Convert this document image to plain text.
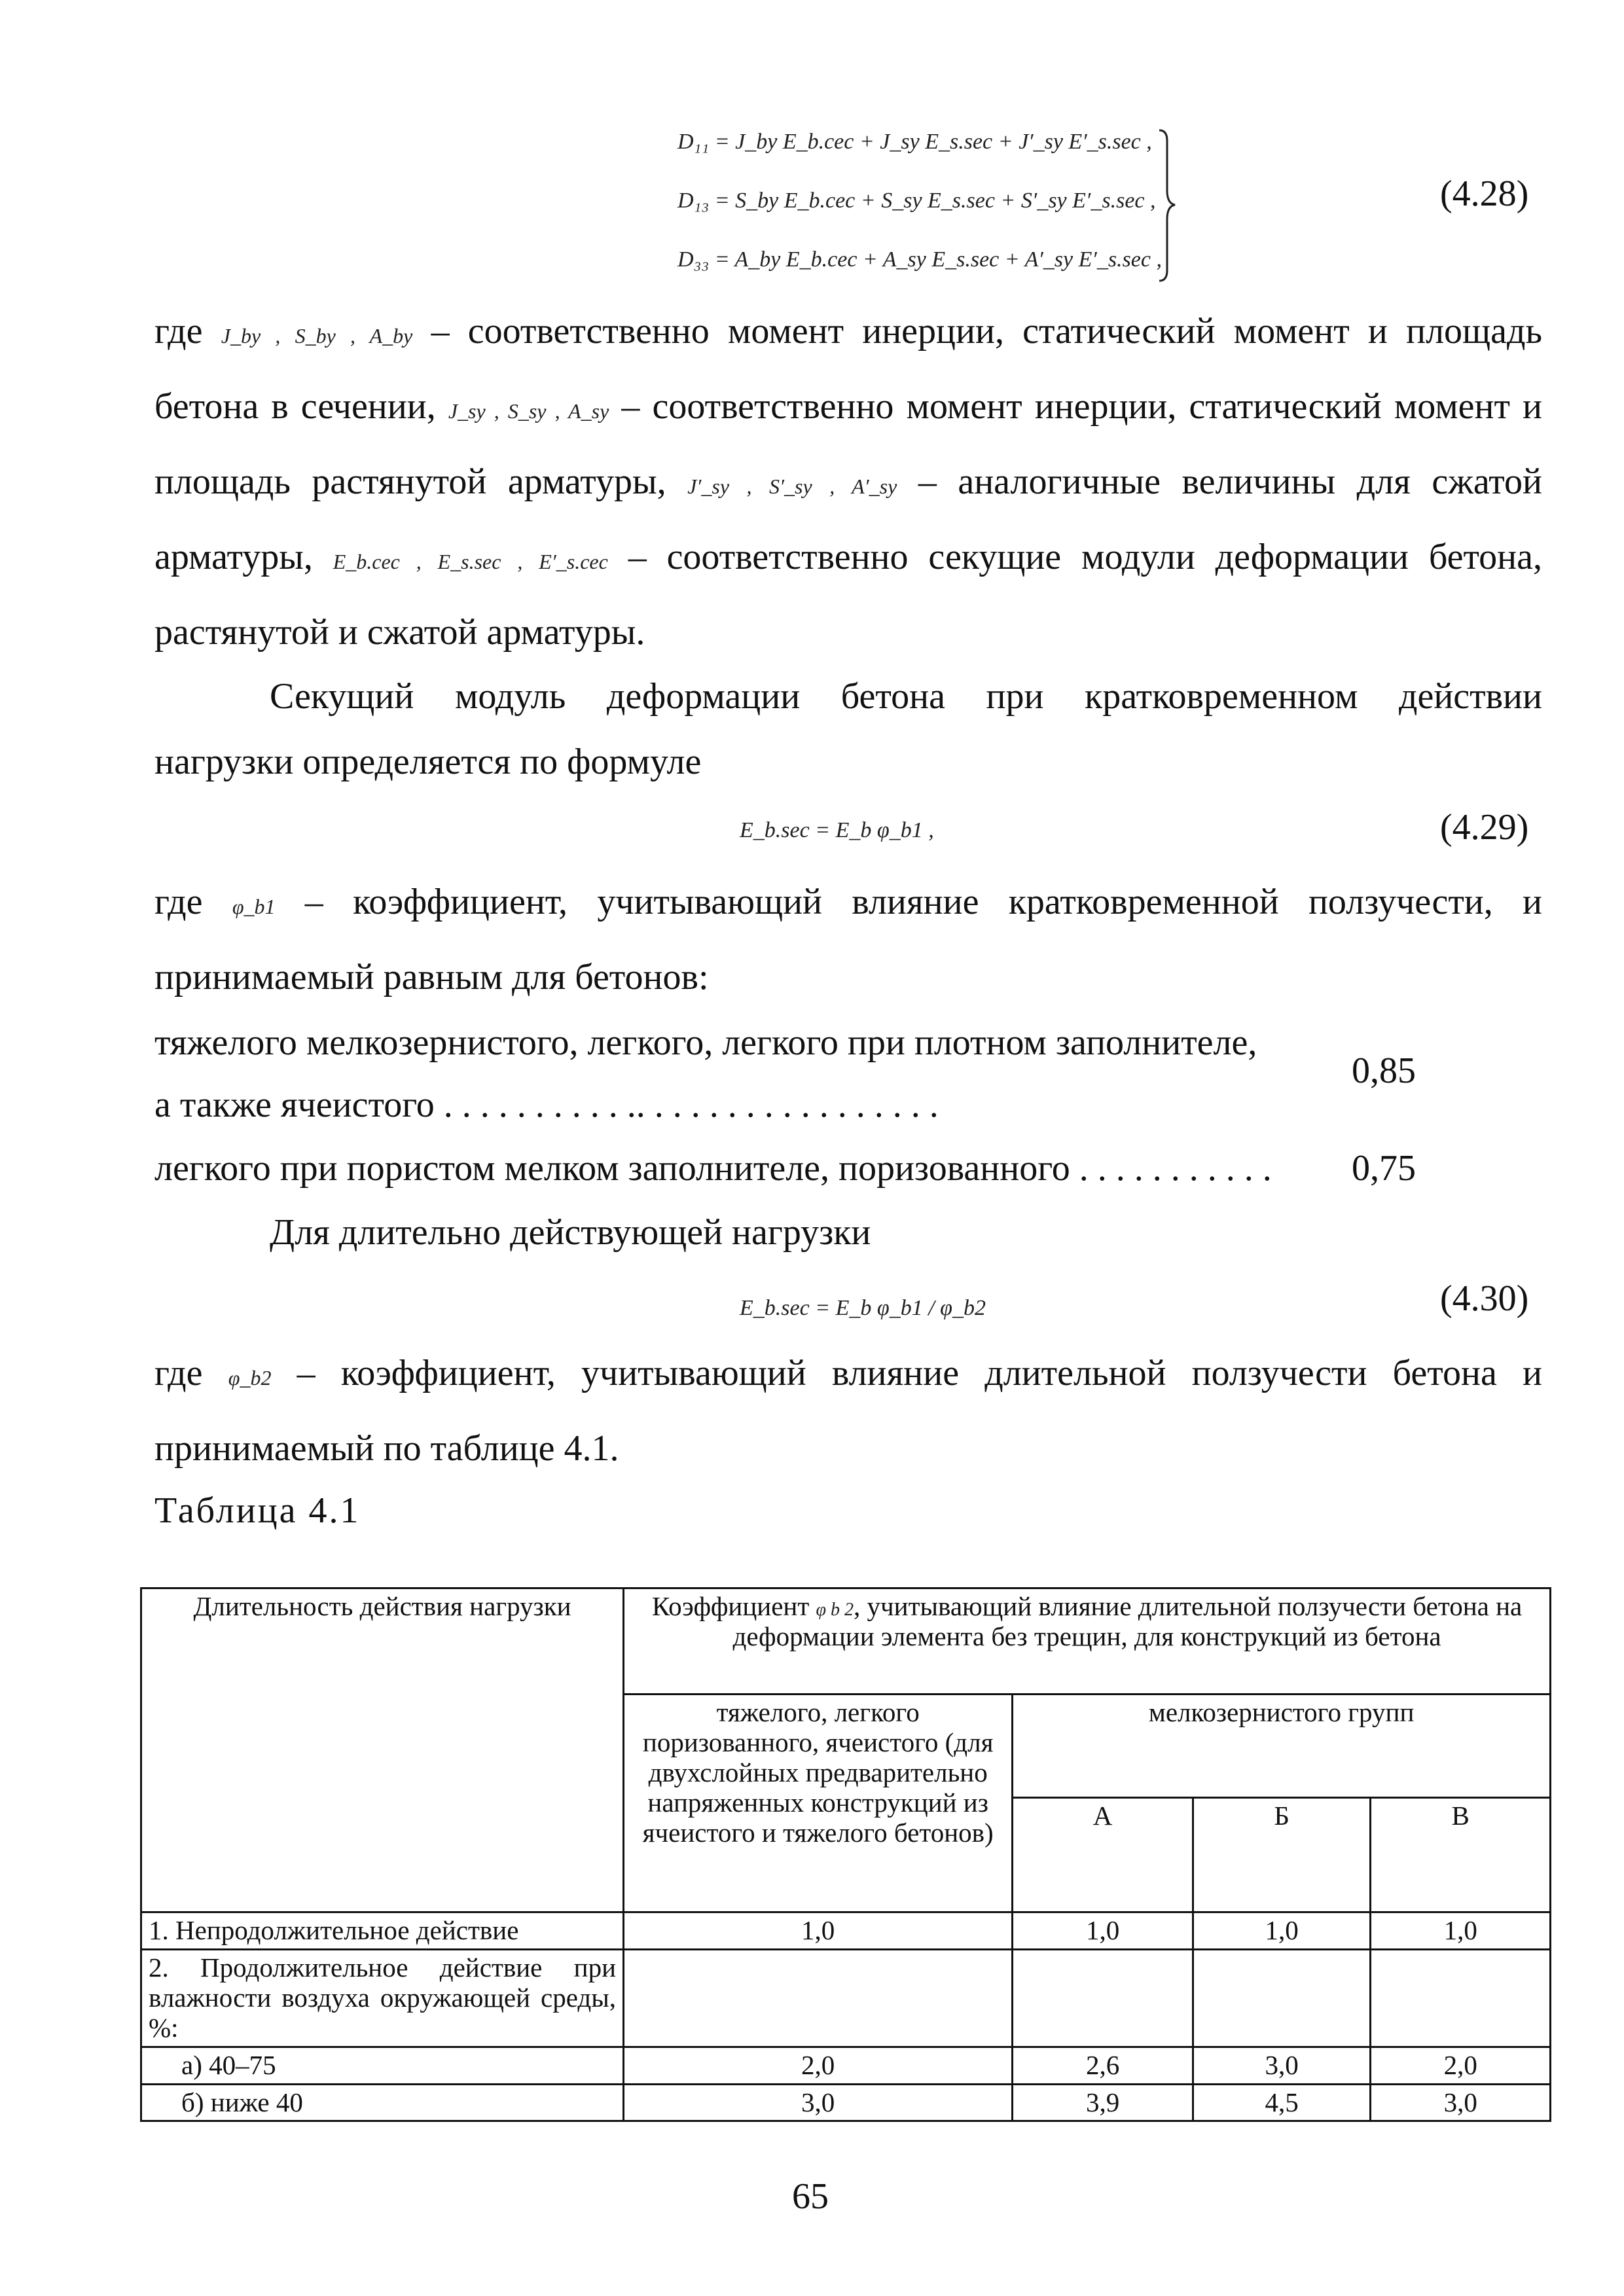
D₁₁ = J_by E_b.cec + J_sy E_s.sec + J′_sy E′_s.sec ,
D₁₃ = S_by E_b.cec + S_sy E_s.sec + S′_sy E′_s.sec ,
D₃₃ = A_by E_b.cec + A_sy E_s.sec + A′_sy E′_s.sec ,
(4.28)
где J_by , S_by , A_by – соответственно момент инерции, статический момент и площадь
бетона в сечении, J_sy , S_sy , A_sy – соответственно момент инерции, статический момент и
площадь растянутой арматуры, J′_sy , S′_sy , A′_sy – аналогичные величины для сжатой
арматуры, E_b.cec , E_s.sec , E′_s.cec – соответственно секущие модули деформации бетона,
растянутой и сжатой арматуры.
Секущий модуль деформации бетона при кратковременном действии
нагрузки определяется по формуле
E_b.sec = E_b φ_b1 ,	(4.29)
где φ_b1 – коэффициент, учитывающий влияние кратковременной ползучести, и
принимаемый равным для бетонов:
тяжелого мелкозернистого, легкого, легкого при плотном заполнителе,
а также ячеистого . . . . . . . . . . .. . . . . . . . . . . . . . . . .
0,85
легкого при пористом мелком заполнителе, поризованного . . . . . . . . . . . 0,75
Для длительно действующей нагрузки
E_b.sec = E_b φ_b1 / φ_b2	(4.30)
где φ_b2 – коэффициент, учитывающий влияние длительной ползучести бетона и
принимаемый по таблице 4.1.
Таблица 4.1
Длительность действия нагрузки	Коэффициент φ b 2, учитывающий влияние длительной ползучести бетона на деформации элемента без трещин, для конструкций из бетона			
	тяжелого, легкого поризованного, ячеистого (для двухслойных предварительно напряженных конструкций из ячеистого и тяжелого бетонов)	мелкозернистого групп		
		А	Б	В
1. Непродолжительное действие	1,0	1,0	1,0	1,0
2. Продолжительное действие при влажности воздуха окружающей среды, %:				
а) 40–75	2,0	2,6	3,0	2,0
б) ниже 40	3,0	3,9	4,5	3,0
65
